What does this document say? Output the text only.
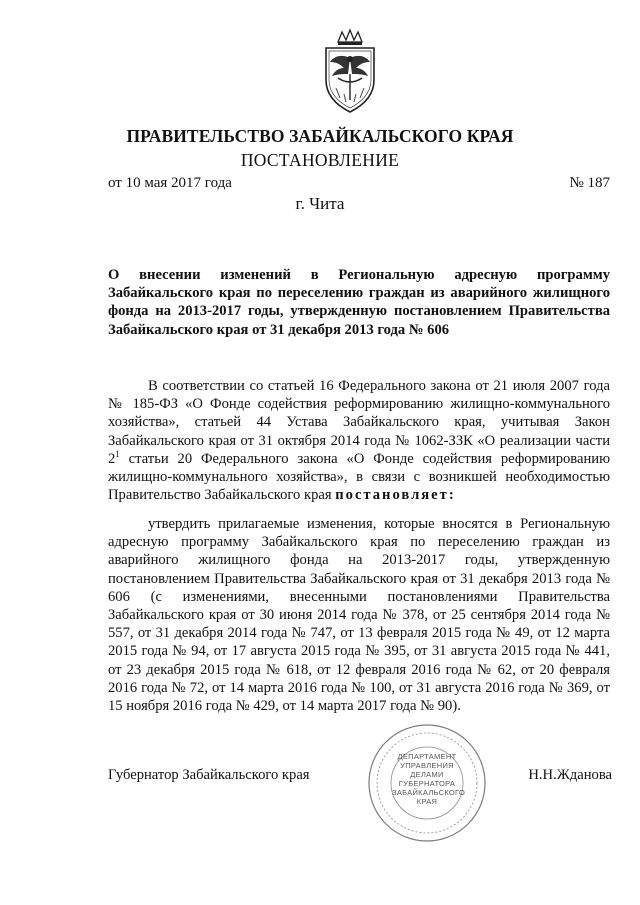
ПРАВИТЕЛЬСТВО ЗАБАЙКАЛЬСКОГО КРАЯ
ПОСТАНОВЛЕНИЕ
от 10 мая 2017 года	№ 187
г. Чита
О внесении изменений в Региональную адресную программу Забайкальского края по переселению граждан из аварийного жилищного фонда на 2013-2017 годы, утвержденную постановлением Правительства Забайкальского края от 31 декабря 2013 года № 606
В соответствии со статьей 16 Федерального закона от 21 июля 2007 года № 185-ФЗ «О Фонде содействия реформированию жилищно-коммунального хозяйства», статьей 44 Устава Забайкальского края, учитывая Закон Забайкальского края от 31 октября 2014 года № 1062-ЗЗК «О реализации части $2^1$ статьи 20 Федерального закона «О Фонде содействия реформированию жилищно-коммунального хозяйства», в связи с возникшей необходимостью Правительство Забайкальского края постановляет:
утвердить прилагаемые изменения, которые вносятся в Региональную адресную программу Забайкальского края по переселению граждан из аварийного жилищного фонда на 2013-2017 годы, утвержденную постановлением Правительства Забайкальского края от 31 декабря 2013 года № 606 (с изменениями, внесенными постановлениями Правительства Забайкальского края от 30 июня 2014 года № 378, от 25 сентября 2014 года № 557, от 31 декабря 2014 года № 747, от 13 февраля 2015 года № 49, от 12 марта 2015 года № 94, от 17 августа 2015 года № 395, от 31 августа 2015 года № 441, от 23 декабря 2015 года № 618, от 12 февраля 2016 года № 62, от 20 февраля 2016 года № 72, от 14 марта 2016 года № 100, от 31 августа 2016 года № 369, от 15 ноября 2016 года № 429, от 14 марта 2017 года № 90).
ДЕПАРТАМЕНТ УПРАВЛЕНИЯ ДЕЛАМИ ГУБЕРНАТОРА ЗАБАЙКАЛЬСКОГО КРАЯ
Губернатор Забайкальского края	Н.Н.Жданова
